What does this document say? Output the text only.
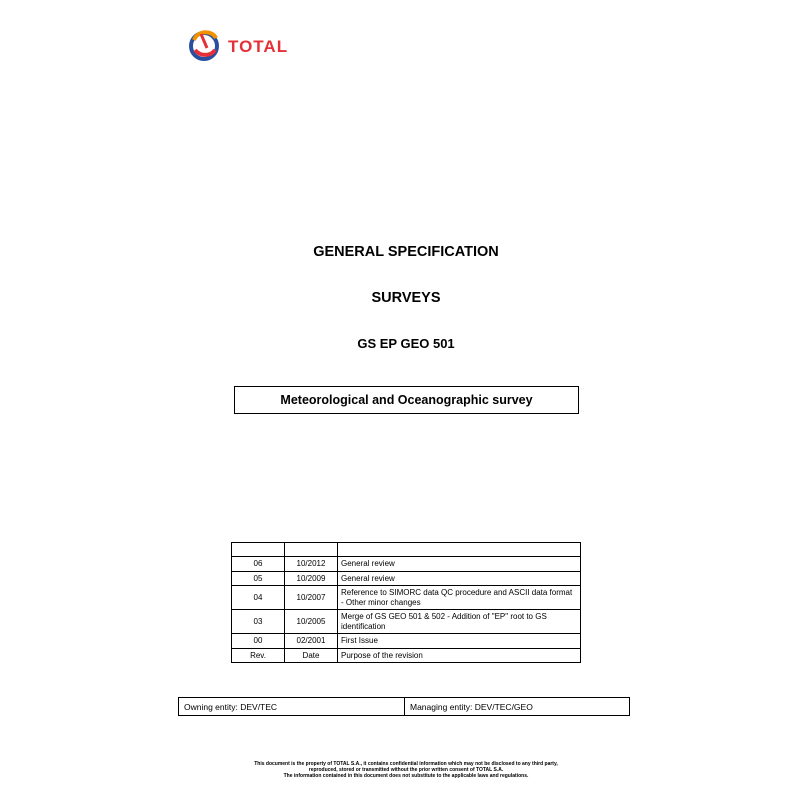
TOTAL
GENERAL SPECIFICATION
SURVEYS
GS EP GEO 501
Meteorological and Oceanographic survey

06	10/2012	General review
05	10/2009	General review
04	10/2007	Reference to SIMORC data QC procedure and ASCII data format - Other minor changes
03	10/2005	Merge of GS GEO 501 & 502 - Addition of "EP" root to GS identification
00	02/2001	First Issue
Rev.	Date	Purpose of the revision
Owning entity: DEV/TEC	Managing entity: DEV/TEC/GEO
This document is the property of TOTAL S.A., it contains confidential information which may not be disclosed to any third party,
reproduced, stored or transmitted without the prior written consent of TOTAL S.A.
The information contained in this document does not substitute to the applicable laws and regulations.
